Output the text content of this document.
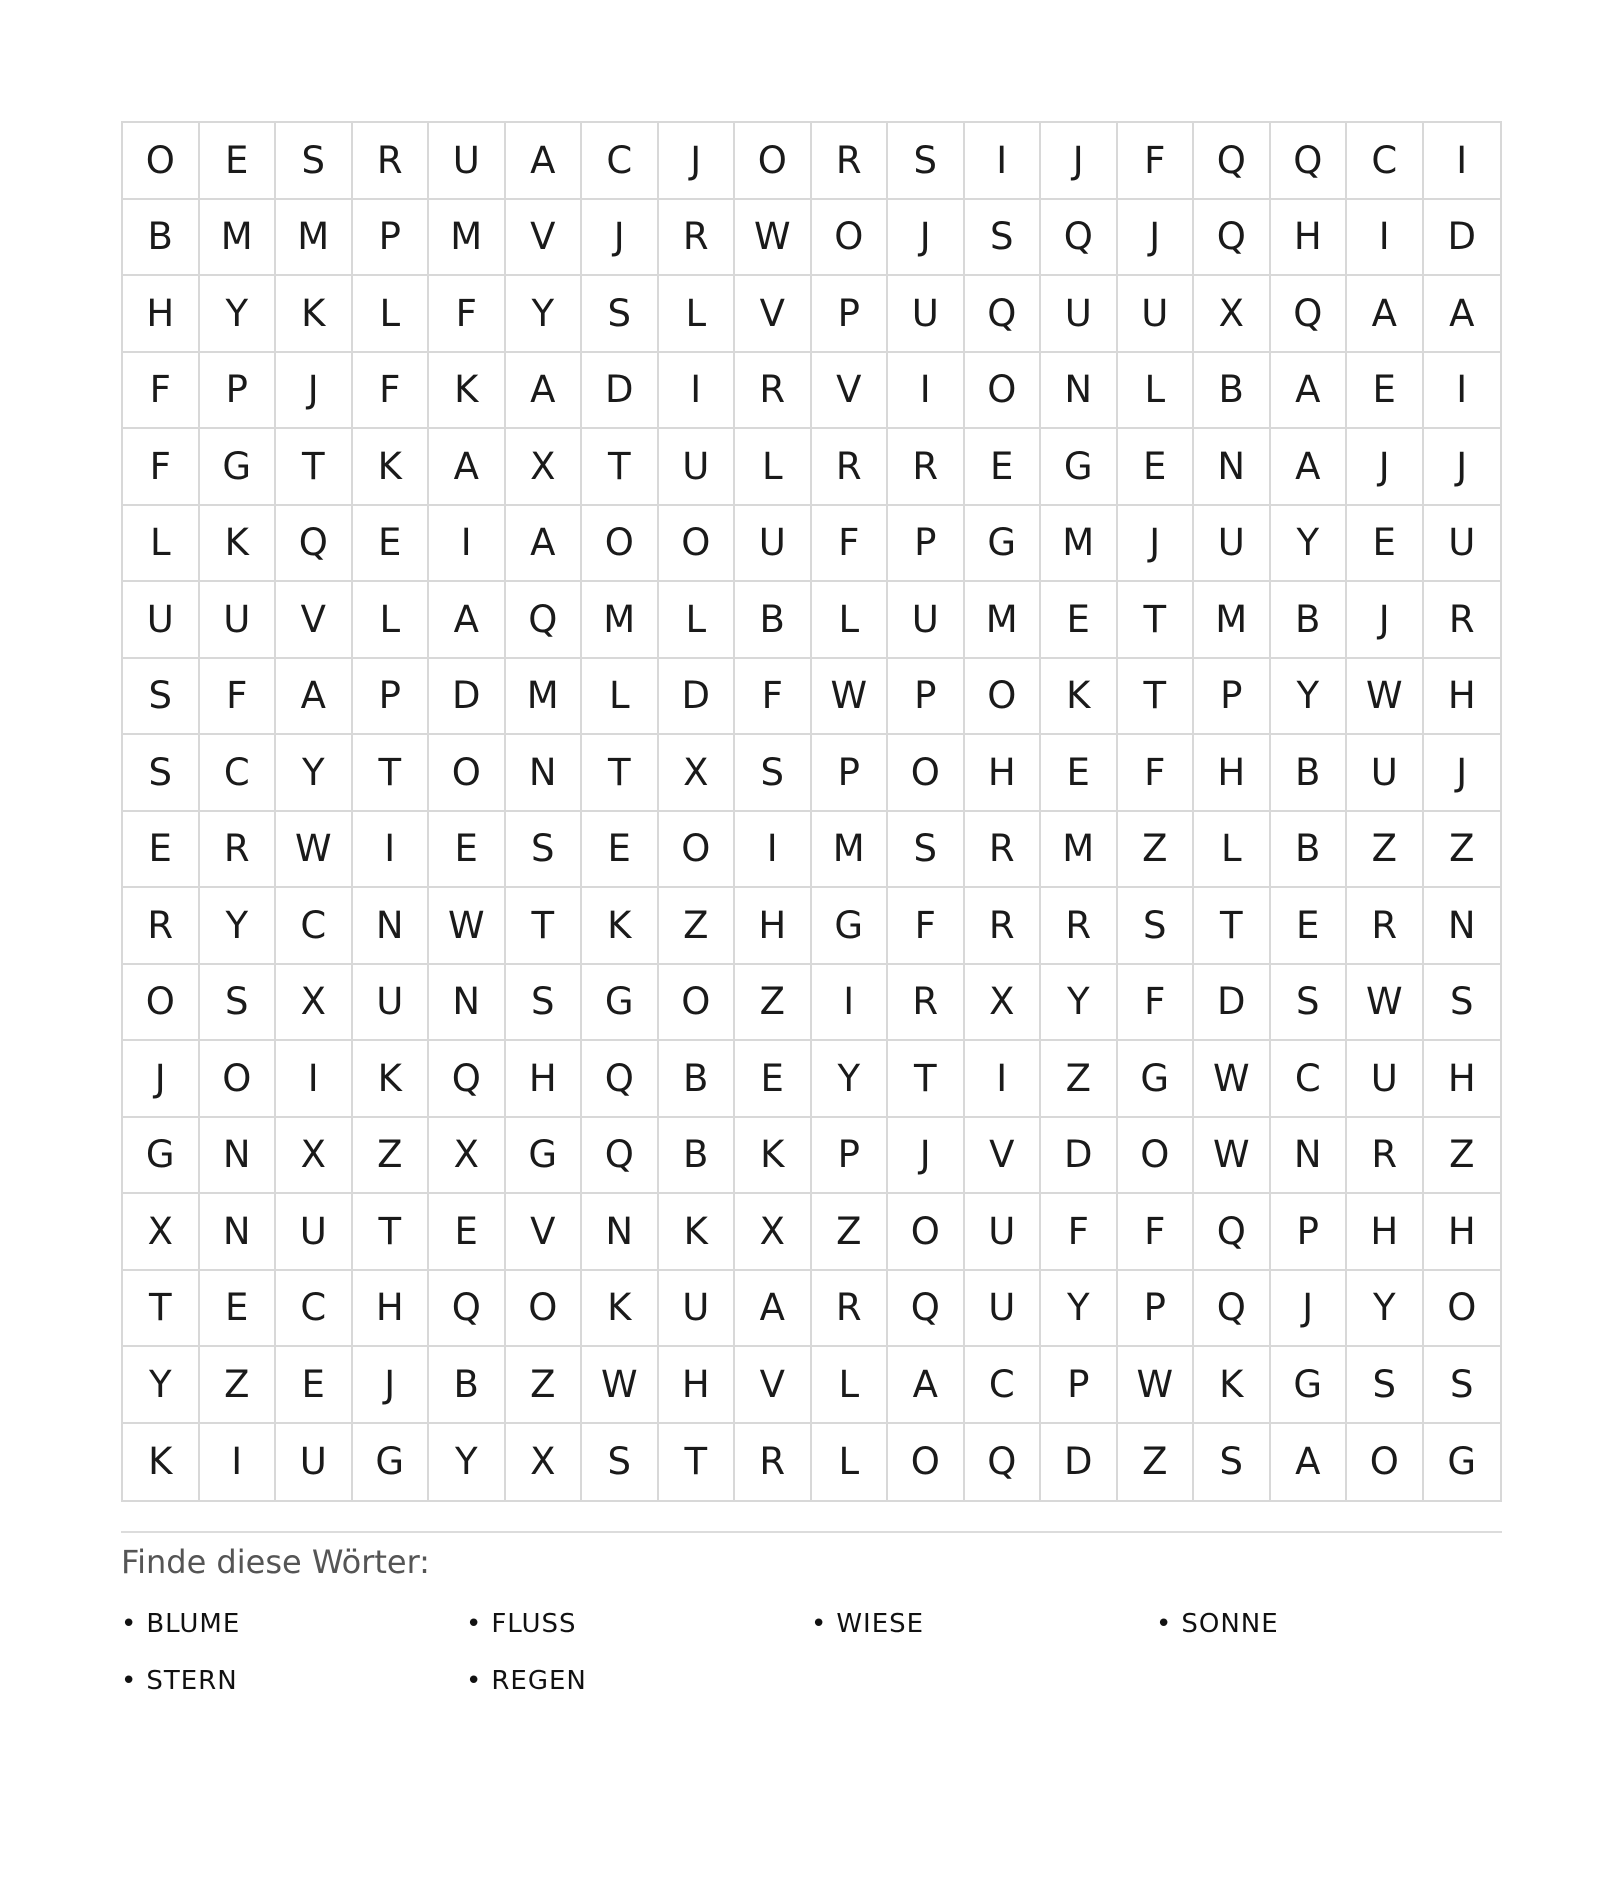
O	E	S	R	U	A	C	J	O	R	S	I	J	F	Q	Q	C	I
B	M	M	P	M	V	J	R	W	O	J	S	Q	J	Q	H	I	D
H	Y	K	L	F	Y	S	L	V	P	U	Q	U	U	X	Q	A	A
F	P	J	F	K	A	D	I	R	V	I	O	N	L	B	A	E	I
F	G	T	K	A	X	T	U	L	R	R	E	G	E	N	A	J	J
L	K	Q	E	I	A	O	O	U	F	P	G	M	J	U	Y	E	U
U	U	V	L	A	Q	M	L	B	L	U	M	E	T	M	B	J	R
S	F	A	P	D	M	L	D	F	W	P	O	K	T	P	Y	W	H
S	C	Y	T	O	N	T	X	S	P	O	H	E	F	H	B	U	J
E	R	W	I	E	S	E	O	I	M	S	R	M	Z	L	B	Z	Z
R	Y	C	N	W	T	K	Z	H	G	F	R	R	S	T	E	R	N
O	S	X	U	N	S	G	O	Z	I	R	X	Y	F	D	S	W	S
J	O	I	K	Q	H	Q	B	E	Y	T	I	Z	G	W	C	U	H
G	N	X	Z	X	G	Q	B	K	P	J	V	D	O	W	N	R	Z
X	N	U	T	E	V	N	K	X	Z	O	U	F	F	Q	P	H	H
T	E	C	H	Q	O	K	U	A	R	Q	U	Y	P	Q	J	Y	O
Y	Z	E	J	B	Z	W	H	V	L	A	C	P	W	K	G	S	S
K	I	U	G	Y	X	S	T	R	L	O	Q	D	Z	S	A	O	G
Finde diese Wörter:
• BLUME	• FLUSS	• WIESE	• SONNE
• STERN	• REGEN
